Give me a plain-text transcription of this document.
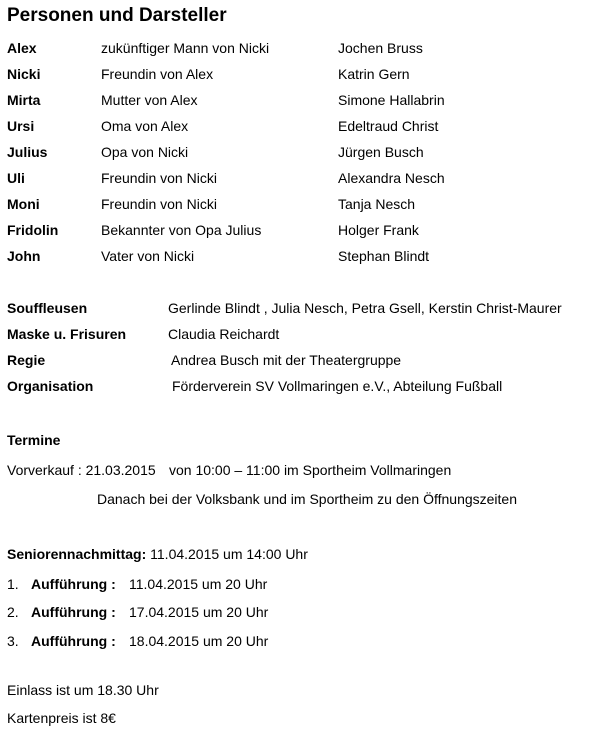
Personen und Darsteller
Alex	zukünftiger Mann von Nicki	Jochen Bruss
Nicki	Freundin von Alex	Katrin Gern
Mirta	Mutter von Alex	Simone Hallabrin
Ursi	Oma von Alex	Edeltraud Christ
Julius	Opa von Nicki	Jürgen Busch
Uli	Freundin von Nicki	Alexandra Nesch
Moni	Freundin von Nicki	Tanja Nesch
Fridolin	Bekannter von Opa Julius	Holger Frank
John	Vater von Nicki	Stephan Blindt
Souffleusen	Gerlinde Blindt , Julia Nesch, Petra Gsell, Kerstin Christ-Maurer
Maske u. Frisuren	Claudia Reichardt
Regie	Andrea Busch mit der Theatergruppe
Organisation	Förderverein SV Vollmaringen e.V., Abteilung Fußball
Termine
Vorverkauf : 21.03.2015 von 10:00 – 11:00 im Sportheim Vollmaringen
Danach bei der Volksbank und im Sportheim zu den Öffnungszeiten
Seniorennachmittag: 11.04.2015 um 14:00 Uhr
1. Aufführung : 11.04.2015 um 20 Uhr
2. Aufführung : 17.04.2015 um 20 Uhr
3. Aufführung : 18.04.2015 um 20 Uhr
Einlass ist um 18.30 Uhr
Kartenpreis ist 8€
